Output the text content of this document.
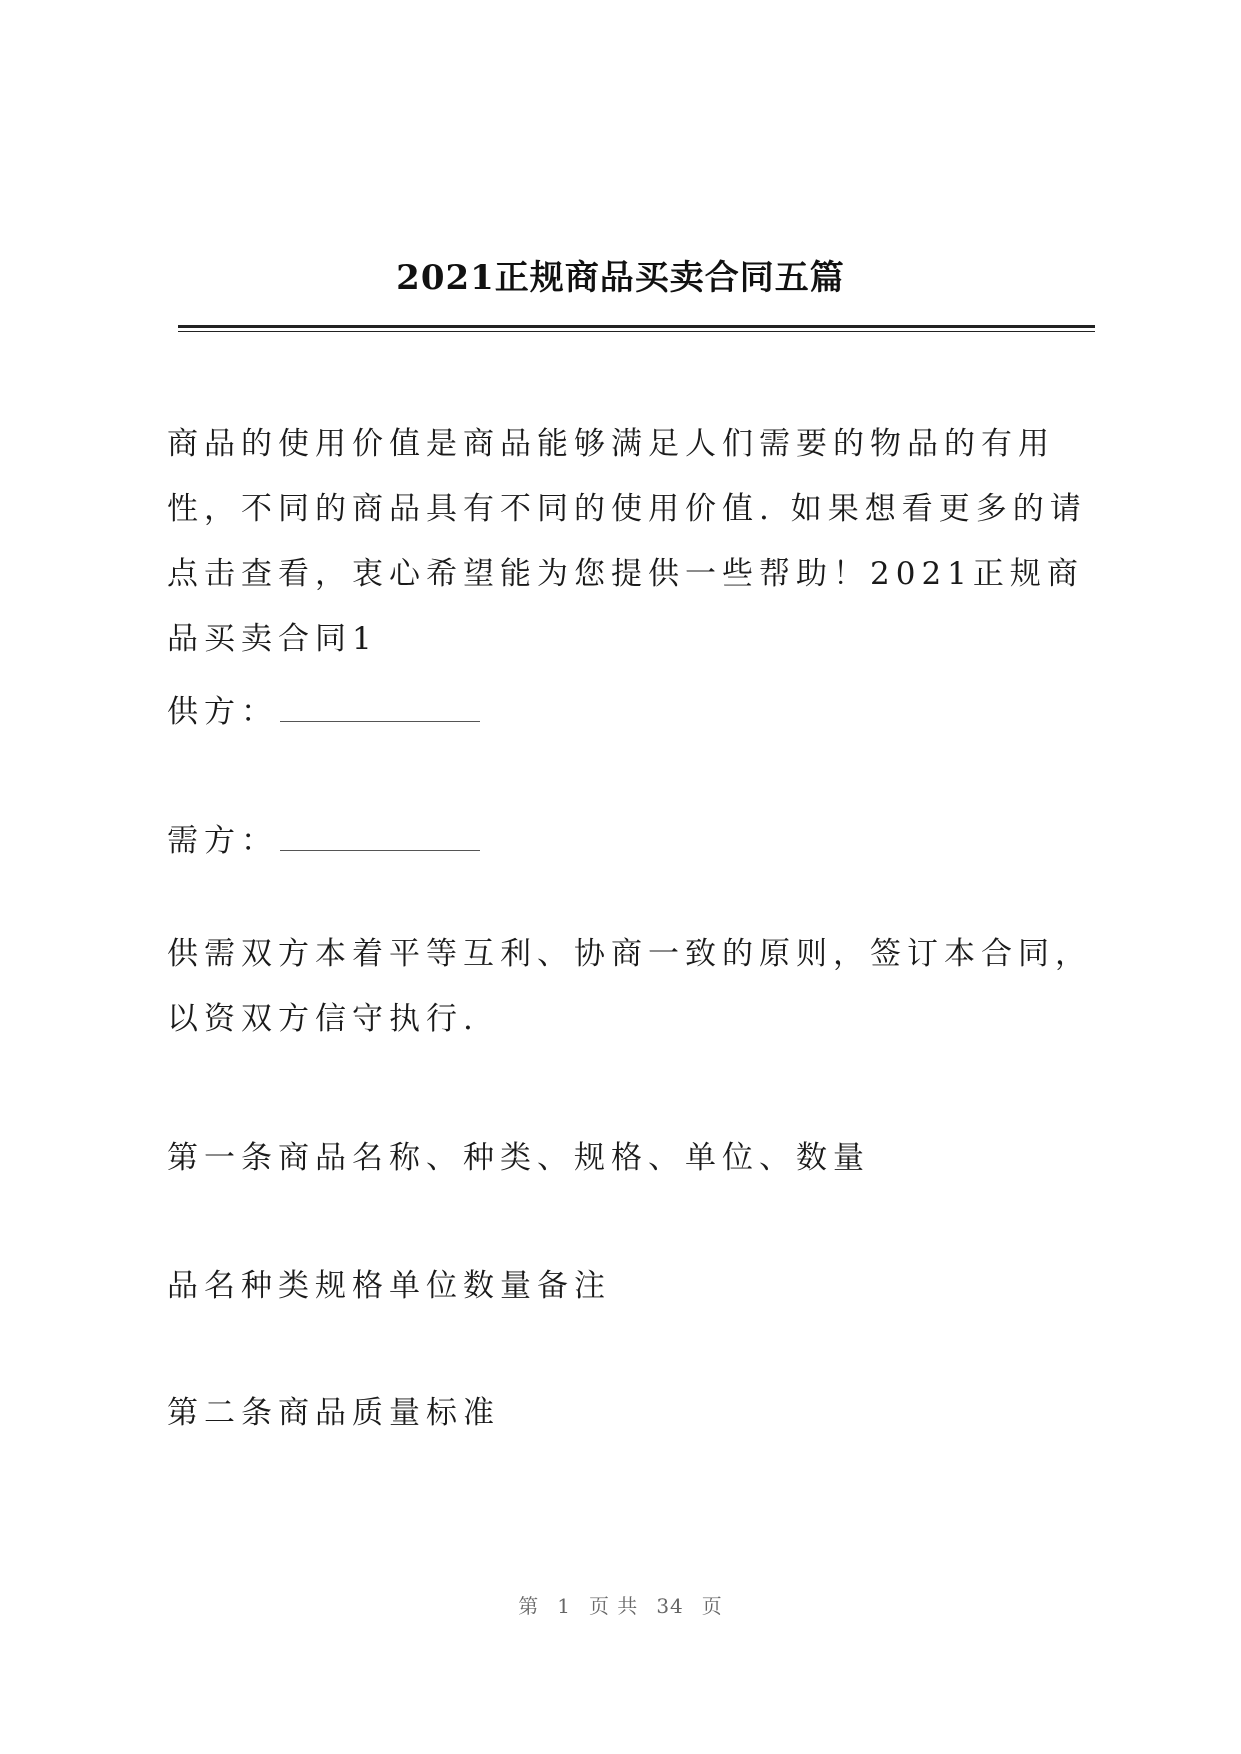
2021正规商品买卖合同五篇
商品的使用价值是商品能够满足人们需要的物品的有用性，不同的商品具有不同的使用价值. 如果想看更多的请点击查看，衷心希望能为您提供一些帮助！2021正规商品买卖合同1
供方：
需方：
供需双方本着平等互利、协商一致的原则，签订本合同，以资双方信守执行.
第一条商品名称、种类、规格、单位、数量
品名种类规格单位数量备注
第二条商品质量标准
第 1 页 共 34 页
